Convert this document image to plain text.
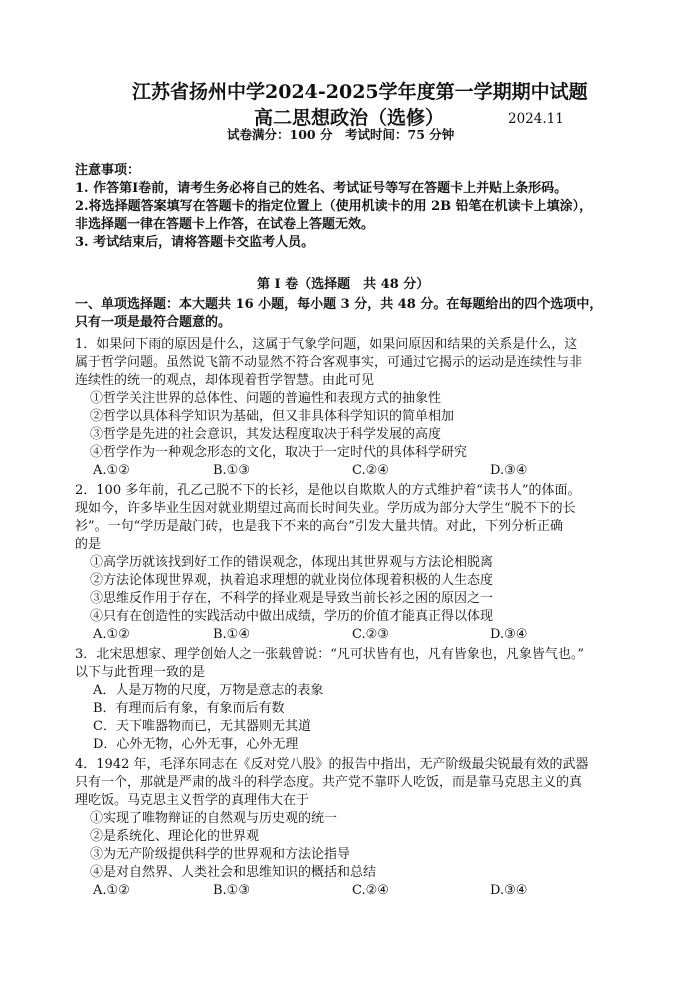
江苏省扬州中学2024-2025学年度第一学期期中试题
高二思想政治（选修）	2024.11
试卷满分：100 分 考试时间：75 分钟
注意事项：
1. 作答第Ⅰ卷前，请考生务必将自己的姓名、考试证号等写在答题卡上并贴上条形码。
2.将选择题答案填写在答题卡的指定位置上（使用机读卡的用 2B 铅笔在机读卡上填涂），
非选择题一律在答题卡上作答，在试卷上答题无效。
3. 考试结束后，请将答题卡交监考人员。
第 Ⅰ 卷（选择题　共 48 分）
一、单项选择题：本大题共 16 小题，每小题 3 分，共 48 分。在每题给出的四个选项中，
只有一项是最符合题意的。
1．如果问下雨的原因是什么，这属于气象学问题，如果问原因和结果的关系是什么，这
属于哲学问题。虽然说飞箭不动显然不符合客观事实，可通过它揭示的运动是连续性与非
连续性的统一的观点，却体现着哲学智慧。由此可见
①哲学关注世界的总体性、问题的普遍性和表现方式的抽象性
②哲学以具体科学知识为基础，但又非具体科学知识的简单相加
③哲学是先进的社会意识，其发达程度取决于科学发展的高度
④哲学作为一种观念形态的文化，取决于一定时代的具体科学研究
A.①②	B.①③	C.②④	D.③④
2．100 多年前，孔乙己脱不下的长衫，是他以自欺欺人的方式维护着“读书人”的体面。
现如今，许多毕业生因对就业期望过高而长时间失业。学历成为部分大学生“脱不下的长
衫”。一句“学历是敲门砖，也是我下不来的高台”引发大量共情。对此，下列分析正确
的是
①高学历就该找到好工作的错误观念，体现出其世界观与方法论相脱离
②方法论体现世界观，执着追求理想的就业岗位体现着积极的人生态度
③思维反作用于存在，不科学的择业观是导致当前长衫之困的原因之一
④只有在创造性的实践活动中做出成绩，学历的价值才能真正得以体现
A.①②	B.①④	C.②③	D.③④
3．北宋思想家、理学创始人之一张载曾说：“凡可状皆有也，凡有皆象也，凡象皆气也。”
以下与此哲理一致的是
A．人是万物的尺度，万物是意志的表象
B．有理而后有象，有象而后有数
C．天下唯器物而已，无其器则无其道
D．心外无物，心外无事，心外无理
4．1942 年，毛泽东同志在《反对党八股》的报告中指出，无产阶级最尖锐最有效的武器
只有一个，那就是严肃的战斗的科学态度。共产党不靠吓人吃饭，而是靠马克思主义的真
理吃饭。马克思主义哲学的真理伟大在于
①实现了唯物辩证的自然观与历史观的统一
②是系统化、理论化的世界观
③为无产阶级提供科学的世界观和方法论指导
④是对自然界、人类社会和思维知识的概括和总结
A.①②	B.①③	C.②④	D.③④
